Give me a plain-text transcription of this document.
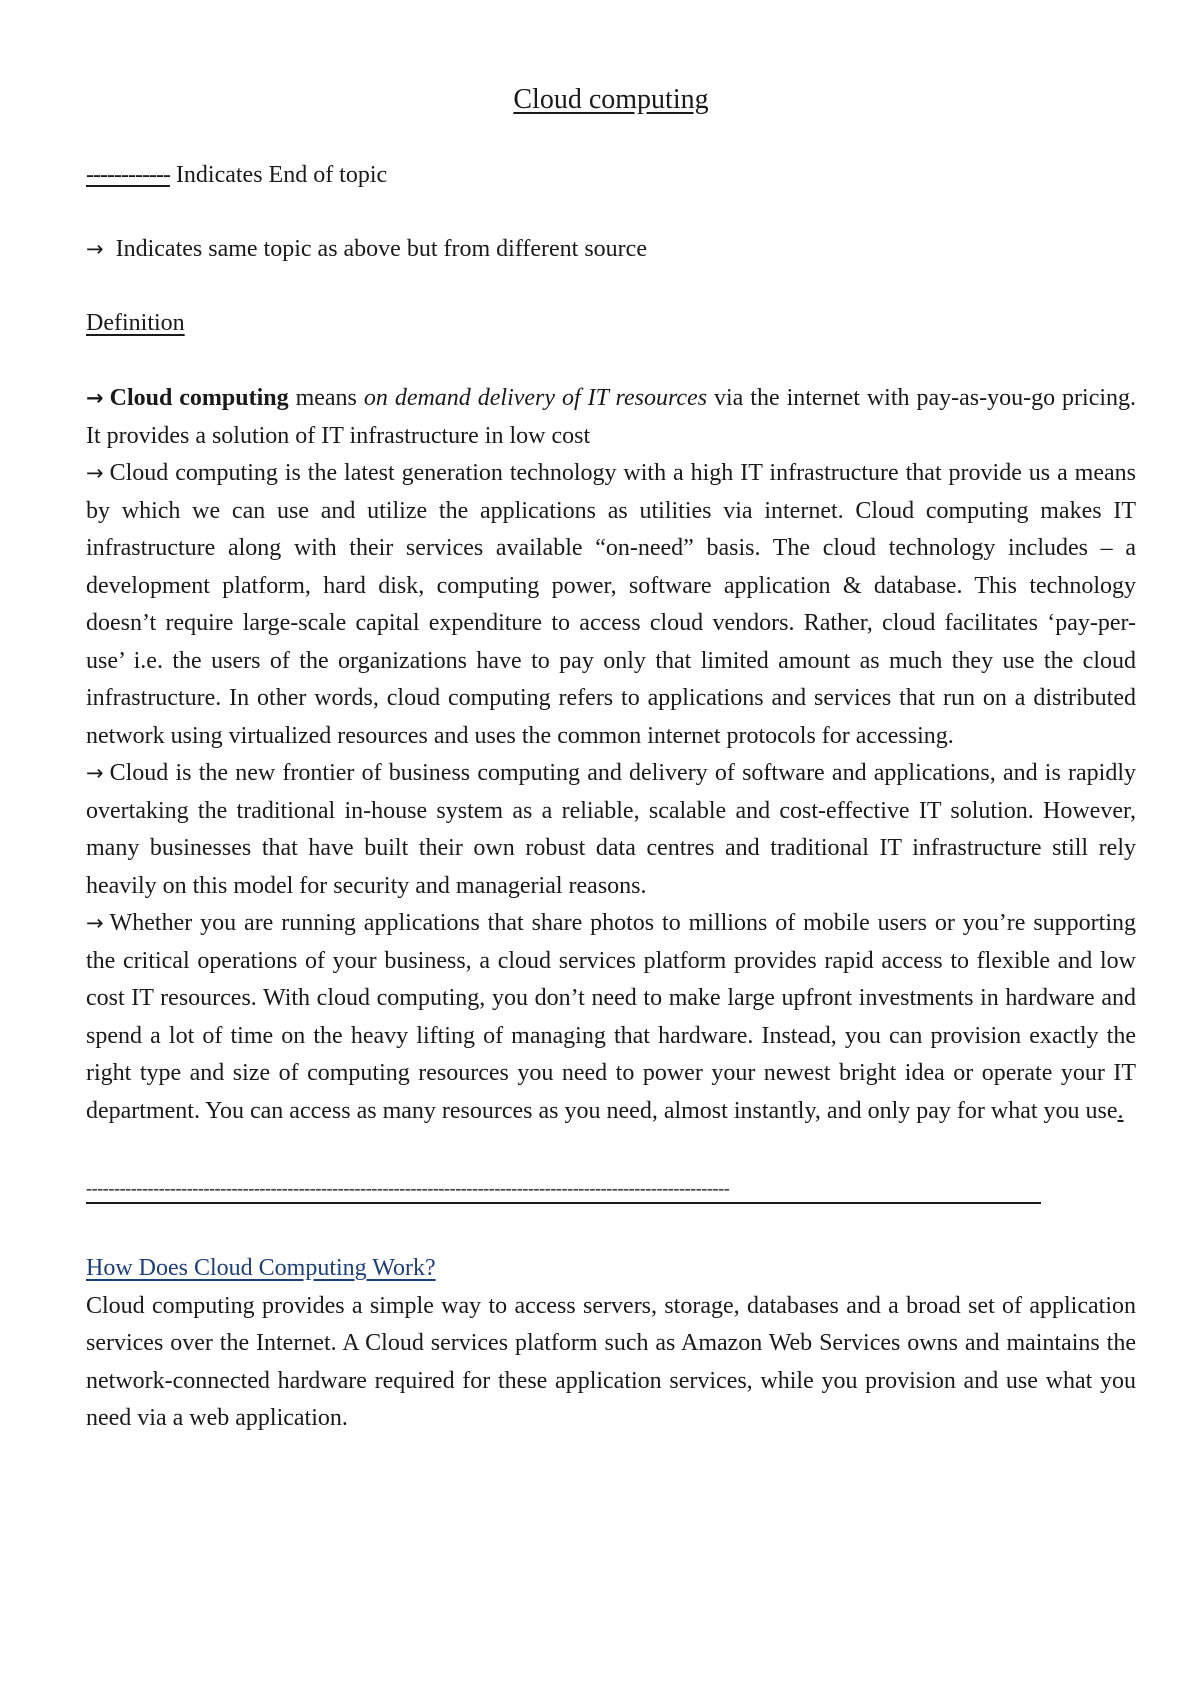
Cloud computing

------------ Indicates End of topic

→ Indicates same topic as above but from different source

Definition

→ Cloud computing means on demand delivery of IT resources via the internet with pay-as-you-go pricing. It provides a solution of IT infrastructure in low cost

→ Cloud computing is the latest generation technology with a high IT infrastructure that provide us a means by which we can use and utilize the applications as utilities via internet. Cloud computing makes IT infrastructure along with their services available “on-need” basis. The cloud technology includes – a development platform, hard disk, computing power, software application & database. This technology doesn’t require large-scale capital expenditure to access cloud vendors. Rather, cloud facilitates ‘pay-per-use’ i.e. the users of the organizations have to pay only that limited amount as much they use the cloud infrastructure. In other words, cloud computing refers to applications and services that run on a distributed network using virtualized resources and uses the common internet protocols for accessing.

→ Cloud is the new frontier of business computing and delivery of software and applications, and is rapidly overtaking the traditional in-house system as a reliable, scalable and cost-effective IT solution. However, many businesses that have built their own robust data centres and traditional IT infrastructure still rely heavily on this model for security and managerial reasons.

→ Whether you are running applications that share photos to millions of mobile users or you’re supporting the critical operations of your business, a cloud services platform provides rapid access to flexible and low cost IT resources. With cloud computing, you don’t need to make large upfront investments in hardware and spend a lot of time on the heavy lifting of managing that hardware. Instead, you can provision exactly the right type and size of computing resources you need to power your newest bright idea or operate your IT department. You can access as many resources as you need, almost instantly, and only pay for what you use.

-------------------------------------------------------------------------------------------------------------------

How Does Cloud Computing Work?

Cloud computing provides a simple way to access servers, storage, databases and a broad set of application services over the Internet. A Cloud services platform such as Amazon Web Services owns and maintains the network-connected hardware required for these application services, while you provision and use what you need via a web application.
